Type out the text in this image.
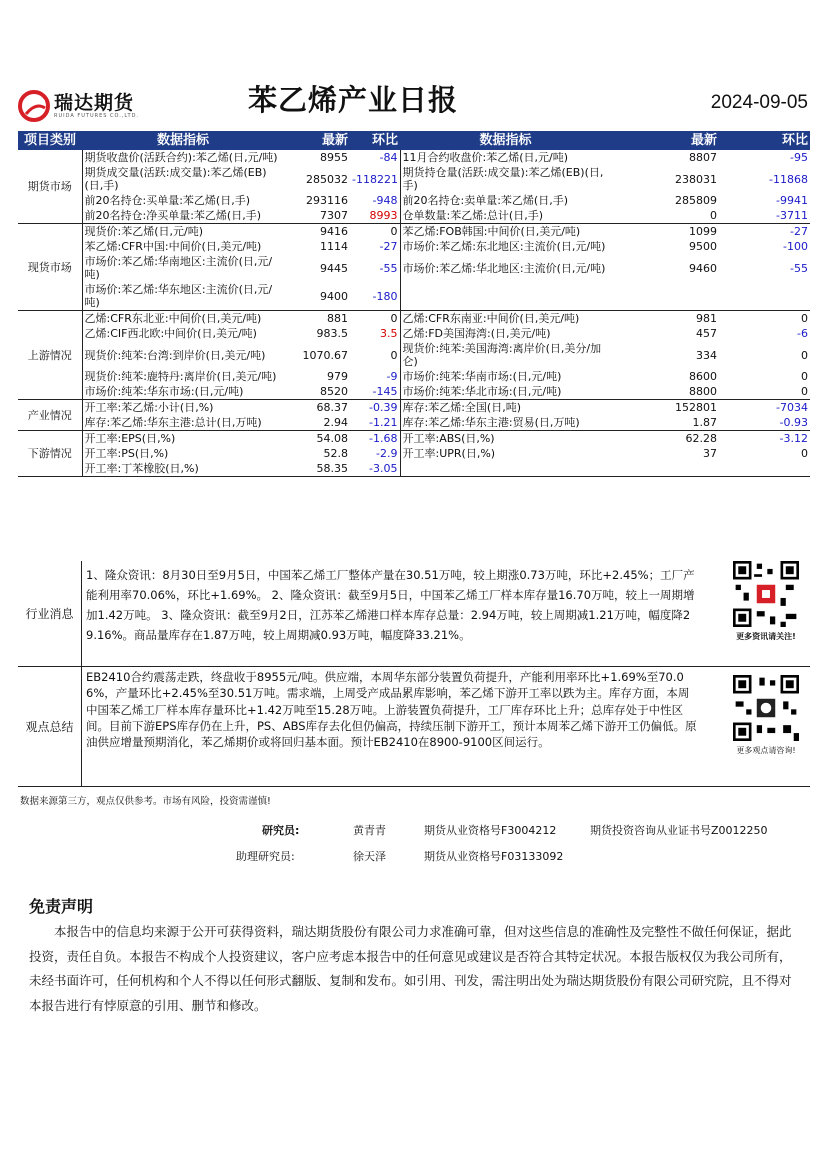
瑞达期货
RUIDA FUTURES CO.,LTD.	苯乙烯产业日报	2024-09-05
项目类别	数据指标	最新	环比	数据指标	最新	环比
期货市场	期货收盘价(活跃合约):苯乙烯(日,元/吨)	8955	-84	11月合约收盘价:苯乙烯(日,元/吨)	8807	-95
	期货成交量(活跃:成交量):苯乙烯(EB)(日,手)	285032	-118221	期货持仓量(活跃:成交量):苯乙烯(EB)(日,手)	238031	-11868
	前20名持仓:买单量:苯乙烯(日,手)	293116	-948	前20名持仓:卖单量:苯乙烯(日,手)	285809	-9941
	前20名持仓:净买单量:苯乙烯(日,手)	7307	8993	仓单数量:苯乙烯:总计(日,手)	0	-3711
现货市场	现货价:苯乙烯(日,元/吨)	9416	0	苯乙烯:FOB韩国:中间价(日,美元/吨)	1099	-27
	苯乙烯:CFR中国:中间价(日,美元/吨)	1114	-27	市场价:苯乙烯:东北地区:主流价(日,元/吨)	9500	-100
	市场价:苯乙烯:华南地区:主流价(日,元/吨)	9445	-55	市场价:苯乙烯:华北地区:主流价(日,元/吨)	9460	-55
	市场价:苯乙烯:华东地区:主流价(日,元/吨)	9400	-180			
上游情况	乙烯:CFR东北亚:中间价(日,美元/吨)	881	0	乙烯:CFR东南亚:中间价(日,美元/吨)	981	0
	乙烯:CIF西北欧:中间价(日,美元/吨)	983.5	3.5	乙烯:FD美国海湾:(日,美元/吨)	457	-6
	现货价:纯苯:台湾:到岸价(日,美元/吨)	1070.67	0	现货价:纯苯:美国海湾:离岸价(日,美分/加仑)	334	0
	现货价:纯苯:鹿特丹:离岸价(日,美元/吨)	979	-9	市场价:纯苯:华南市场:(日,元/吨)	8600	0
	市场价:纯苯:华东市场:(日,元/吨)	8520	-145	市场价:纯苯:华北市场:(日,元/吨)	8800	0
产业情况	开工率:苯乙烯:小计(日,%)	68.37	-0.39	库存:苯乙烯:全国(日,吨)	152801	-7034
	库存:苯乙烯:华东主港:总计(日,万吨)	2.94	-1.21	库存:苯乙烯:华东主港:贸易(日,万吨)	1.87	-0.93
下游情况	开工率:EPS(日,%)	54.08	-1.68	开工率:ABS(日,%)	62.28	-3.12
	开工率:PS(日,%)	52.8	-2.9	开工率:UPR(日,%)	37	0
	开工率:丁苯橡胶(日,%)	58.35	-3.05			
行业消息
1、隆众资讯：8月30日至9月5日，中国苯乙烯工厂整体产量在30.51万吨，较上期涨0.73万吨，环比+2.45%；工厂产能利用率70.06%，环比+1.69%。 2、隆众资讯：截至9月5日，中国苯乙烯工厂样本库存量16.70万吨，较上一周期增加1.42万吨。 3、隆众资讯：截至9月2日，江苏苯乙烯港口样本库存总量：2.94万吨，较上周期减1.21万吨，幅度降29.16%。商品量库存在1.87万吨，较上周期减0.93万吨，幅度降33.21%。	更多资讯请关注!
观点总结
EB2410合约震荡走跌，终盘收于8955元/吨。供应端，本周华东部分装置负荷提升，产能利用率环比+1.69%至70.06%，产量环比+2.45%至30.51万吨。需求端，上周受产成品累库影响，苯乙烯下游开工率以跌为主。库存方面，本周中国苯乙烯工厂样本库存量环比+1.42万吨至15.28万吨。上游装置负荷提升，工厂库存环比上升；总库存处于中性区间。目前下游EPS库存仍在上升，PS、ABS库存去化但仍偏高，持续压制下游开工，预计本周苯乙烯下游开工仍偏低。原油供应增量预期消化，苯乙烯期价或将回归基本面。预计EB2410在8900-9100区间运行。
更多观点请咨询!
数据来源第三方，观点仅供参考。市场有风险，投资需谨慎!
研究员:	黄青青	期货从业资格号F3004212	期货投资咨询从业证书号Z0012250
助理研究员:	徐天泽	期货从业资格号F03133092
免责声明
本报告中的信息均来源于公开可获得资料，瑞达期货股份有限公司力求准确可靠，但对这些信息的准确性及完整性不做任何保证，据此投资，责任自负。本报告不构成个人投资建议，客户应考虑本报告中的任何意见或建议是否符合其特定状况。本报告版权仅为我公司所有，未经书面许可，任何机构和个人不得以任何形式翻版、复制和发布。如引用、刊发，需注明出处为瑞达期货股份有限公司研究院，且不得对本报告进行有悖原意的引用、删节和修改。
